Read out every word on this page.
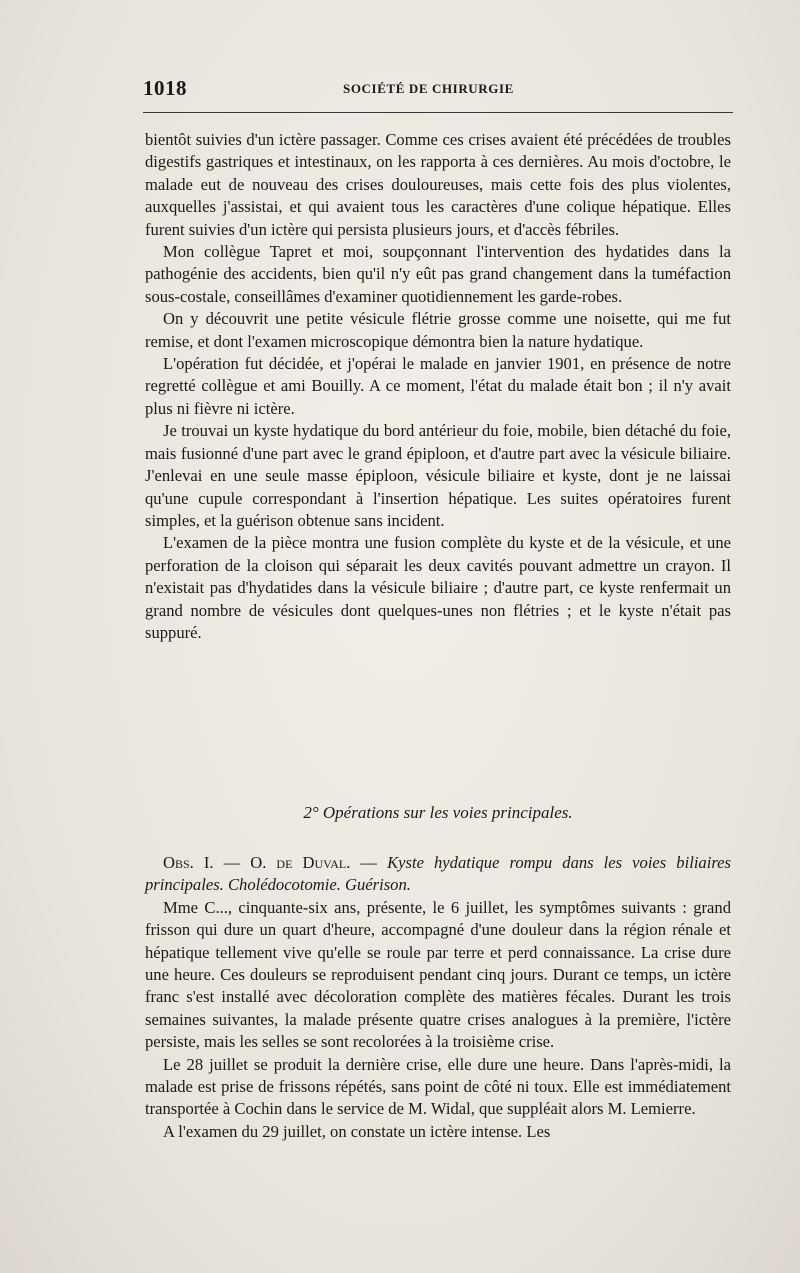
1018	SOCIÉTÉ DE CHIRURGIE

bientôt suivies d'un ictère passager. Comme ces crises avaient été précédées de troubles digestifs gastriques et intestinaux, on les rapporta à ces dernières. Au mois d'octobre, le malade eut de nouveau des crises douloureuses, mais cette fois des plus violentes, auxquelles j'assistai, et qui avaient tous les caractères d'une colique hépatique. Elles furent suivies d'un ictère qui persista plusieurs jours, et d'accès fébriles.

Mon collègue Tapret et moi, soupçonnant l'intervention des hydatides dans la pathogénie des accidents, bien qu'il n'y eût pas grand changement dans la tuméfaction sous-costale, conseillâmes d'examiner quotidiennement les garde-robes.

On y découvrit une petite vésicule flétrie grosse comme une noisette, qui me fut remise, et dont l'examen microscopique démontra bien la nature hydatique.

L'opération fut décidée, et j'opérai le malade en janvier 1901, en présence de notre regretté collègue et ami Bouilly. A ce moment, l'état du malade était bon ; il n'y avait plus ni fièvre ni ictère.

Je trouvai un kyste hydatique du bord antérieur du foie, mobile, bien détaché du foie, mais fusionné d'une part avec le grand épiploon, et d'autre part avec la vésicule biliaire. J'enlevai en une seule masse épiploon, vésicule biliaire et kyste, dont je ne laissai qu'une cupule correspondant à l'insertion hépatique. Les suites opératoires furent simples, et la guérison obtenue sans incident.

L'examen de la pièce montra une fusion complète du kyste et de la vésicule, et une perforation de la cloison qui séparait les deux cavités pouvant admettre un crayon. Il n'existait pas d'hydatides dans la vésicule biliaire ; d'autre part, ce kyste renfermait un grand nombre de vésicules dont quelques-unes non flétries ; et le kyste n'était pas suppuré.

2° Opérations sur les voies principales.

Obs. I. — O. de Duval. — Kyste hydatique rompu dans les voies biliaires principales. Cholédocotomie. Guérison.

Mme C..., cinquante-six ans, présente, le 6 juillet, les symptômes suivants : grand frisson qui dure un quart d'heure, accompagné d'une douleur dans la région rénale et hépatique tellement vive qu'elle se roule par terre et perd connaissance. La crise dure une heure. Ces douleurs se reproduisent pendant cinq jours. Durant ce temps, un ictère franc s'est installé avec décoloration complète des matières fécales. Durant les trois semaines suivantes, la malade présente quatre crises analogues à la première, l'ictère persiste, mais les selles se sont recolorées à la troisième crise.

Le 28 juillet se produit la dernière crise, elle dure une heure. Dans l'après-midi, la malade est prise de frissons répétés, sans point de côté ni toux. Elle est immédiatement transportée à Cochin dans le service de M. Widal, que suppléait alors M. Lemierre.

A l'examen du 29 juillet, on constate un ictère intense. Les
